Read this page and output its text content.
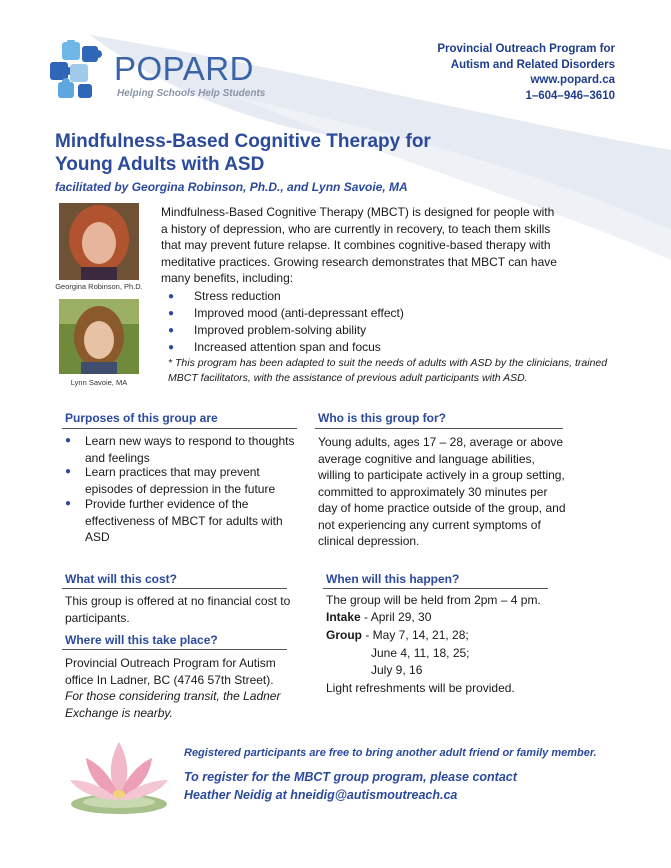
POPARD
Helping Schools Help Students
Provincial Outreach Program for
Autism and Related Disorders
www.popard.ca
1–604–946–3610
Mindfulness-Based Cognitive Therapy for
Young Adults with ASD
facilitated by Georgina Robinson, Ph.D., and Lynn Savoie, MA
Georgina Robinson, Ph.D.
Lynn Savoie, MA
Mindfulness-Based Cognitive Therapy (MBCT) is designed for people with a history of depression, who are currently in recovery, to teach them skills that may prevent future relapse. It combines cognitive-based therapy with meditative practices. Growing research demonstrates that MBCT can have many benefits, including:
● Stress reduction
● Improved mood (anti-depressant effect)
● Improved problem-solving ability
● Increased attention span and focus
* This program has been adapted to suit the needs of adults with ASD by the clinicians, trained MBCT facilitators, with the assistance of previous adult participants with ASD.
Purposes of this group are
● Learn new ways to respond to thoughts and feelings
● Learn practices that may prevent episodes of depression in the future
● Provide further evidence of the effectiveness of MBCT for adults with ASD
Who is this group for?
Young adults, ages 17 – 28, average or above average cognitive and language abilities, willing to participate actively in a group setting, committed to approximately 30 minutes per day of home practice outside of the group, and not experiencing any current symptoms of clinical depression.
What will this cost?
This group is offered at no financial cost to participants.
Where will this take place?
Provincial Outreach Program for Autism office In Ladner, BC (4746 57th Street).
For those considering transit, the Ladner Exchange is nearby.
When will this happen?
The group will be held from 2pm – 4 pm.
Intake - April 29, 30
Group - May 7, 14, 21, 28;
June 4, 11, 18, 25;
July 9, 16
Light refreshments will be provided.
Registered participants are free to bring another adult friend or family member.
To register for the MBCT group program, please contact
Heather Neidig at hneidig@autismoutreach.ca
